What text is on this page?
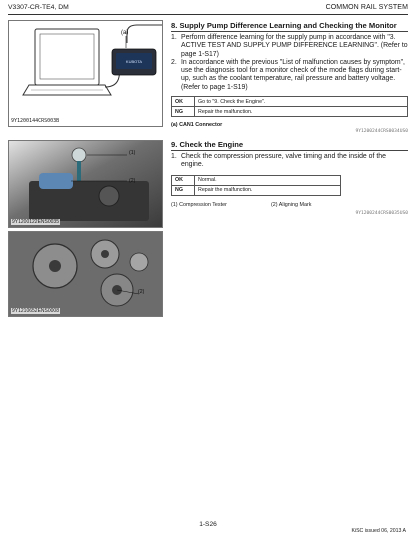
V3307-CR-TE4, DM	COMMON RAIL SYSTEM
KUBOTA
(a)
9Y1200144CRS003B
(1)
(2)
9Y1200122ENS0035
(2)
9Y1210652ENS0008
8. Supply Pump Difference Learning and Checking the Monitor
1. Perform difference learning for the supply pump in accordance with "3. ACTIVE TEST AND SUPPLY PUMP DIFFERENCE LEARNING". (Refer to page 1-S17)
2. In accordance with the previous "List of malfunction causes by symptom", use the diagnosis tool for a monitor check of the mode flags during start-up, such as the coolant temperature, rail pressure and battery voltage. (Refer to page 1-S19)
OK	Go to "9. Check the Engine".
NG	Repair the malfunction.
(a) CAN1 Connector
9Y1200244CRS0034US0
9. Check the Engine
1. Check the compression pressure, valve timing and the inside of the engine.
OK	Normal.
NG	Repair the malfunction.
(1) Compression Tester	(2) Aligning Mark
9Y1200244CRS0035US0
1-S26
KiSC issued 06, 2013 A
